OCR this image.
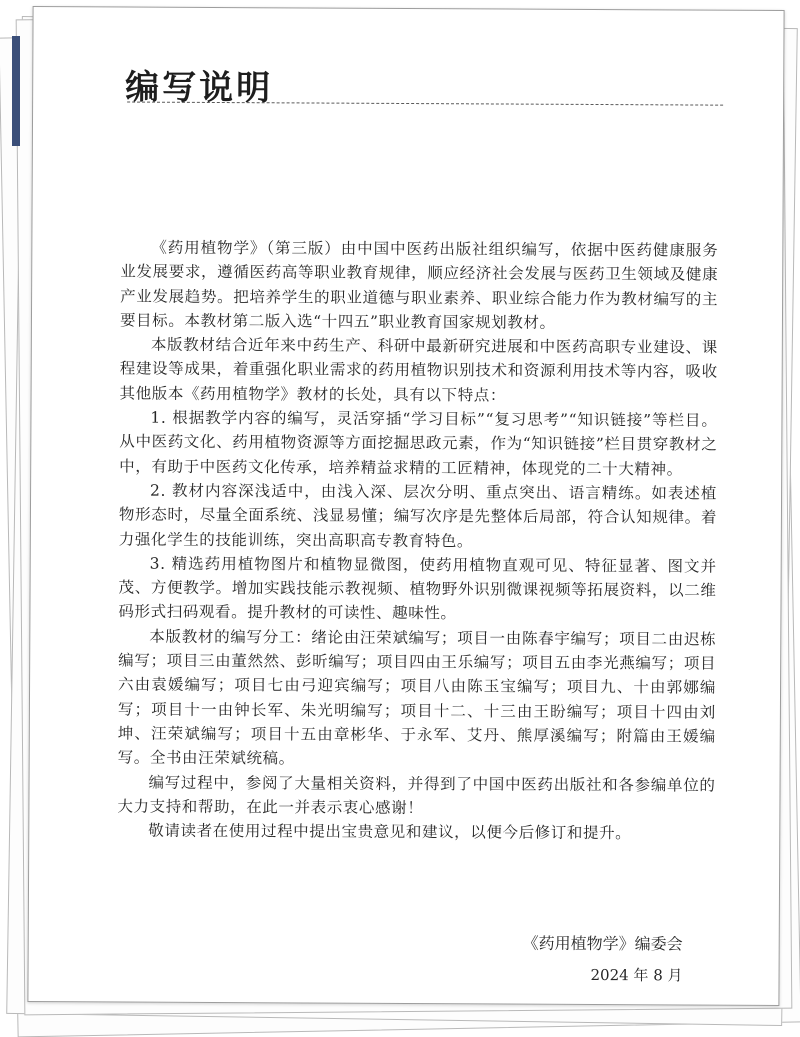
编写说明

《药用植物学》（第三版）由中国中医药出版社组织编写，依据中医药健康服务业发展要求，遵循医药高等职业教育规律，顺应经济社会发展与医药卫生领域及健康产业发展趋势。把培养学生的职业道德与职业素养、职业综合能力作为教材编写的主要目标。本教材第二版入选“十四五”职业教育国家规划教材。

本版教材结合近年来中药生产、科研中最新研究进展和中医药高职专业建设、课程建设等成果，着重强化职业需求的药用植物识别技术和资源利用技术等内容，吸收其他版本《药用植物学》教材的长处，具有以下特点：

1. 根据教学内容的编写，灵活穿插“学习目标”“复习思考”“知识链接”等栏目。从中医药文化、药用植物资源等方面挖掘思政元素，作为“知识链接”栏目贯穿教材之中，有助于中医药文化传承，培养精益求精的工匠精神，体现党的二十大精神。

2. 教材内容深浅适中，由浅入深、层次分明、重点突出、语言精练。如表述植物形态时，尽量全面系统、浅显易懂；编写次序是先整体后局部，符合认知规律。着力强化学生的技能训练，突出高职高专教育特色。

3. 精选药用植物图片和植物显微图，使药用植物直观可见、特征显著、图文并茂、方便教学。增加实践技能示教视频、植物野外识别微课视频等拓展资料，以二维码形式扫码观看。提升教材的可读性、趣味性。

本版教材的编写分工：绪论由汪荣斌编写；项目一由陈春宇编写；项目二由迟栋编写；项目三由董然然、彭昕编写；项目四由王乐编写；项目五由李光燕编写；项目六由袁媛编写；项目七由弓迎宾编写；项目八由陈玉宝编写；项目九、十由郭娜编写；项目十一由钟长军、朱光明编写；项目十二、十三由王盼编写；项目十四由刘坤、汪荣斌编写；项目十五由章彬华、于永军、艾丹、熊厚溪编写；附篇由王媛编写。全书由汪荣斌统稿。

编写过程中，参阅了大量相关资料，并得到了中国中医药出版社和各参编单位的大力支持和帮助，在此一并表示衷心感谢！

敬请读者在使用过程中提出宝贵意见和建议，以便今后修订和提升。

《药用植物学》编委会

2024 年 8 月
